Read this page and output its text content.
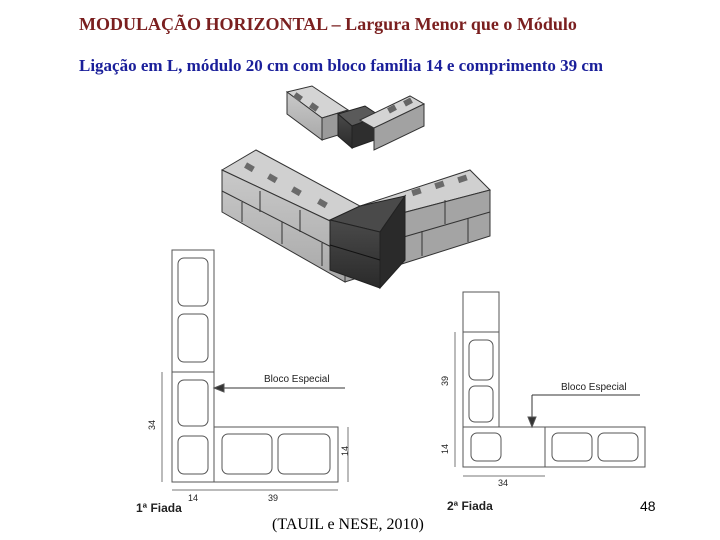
MODULAÇÃO HORIZONTAL – Largura Menor que o Módulo
Ligação em L, módulo 20 cm com bloco família 14 e comprimento 39 cm
Bloco Especial
34
14
14	39
1ª Fiada
Bloco Especial
39
14
34
2ª Fiada	48
(TAUIL e NESE, 2010)
